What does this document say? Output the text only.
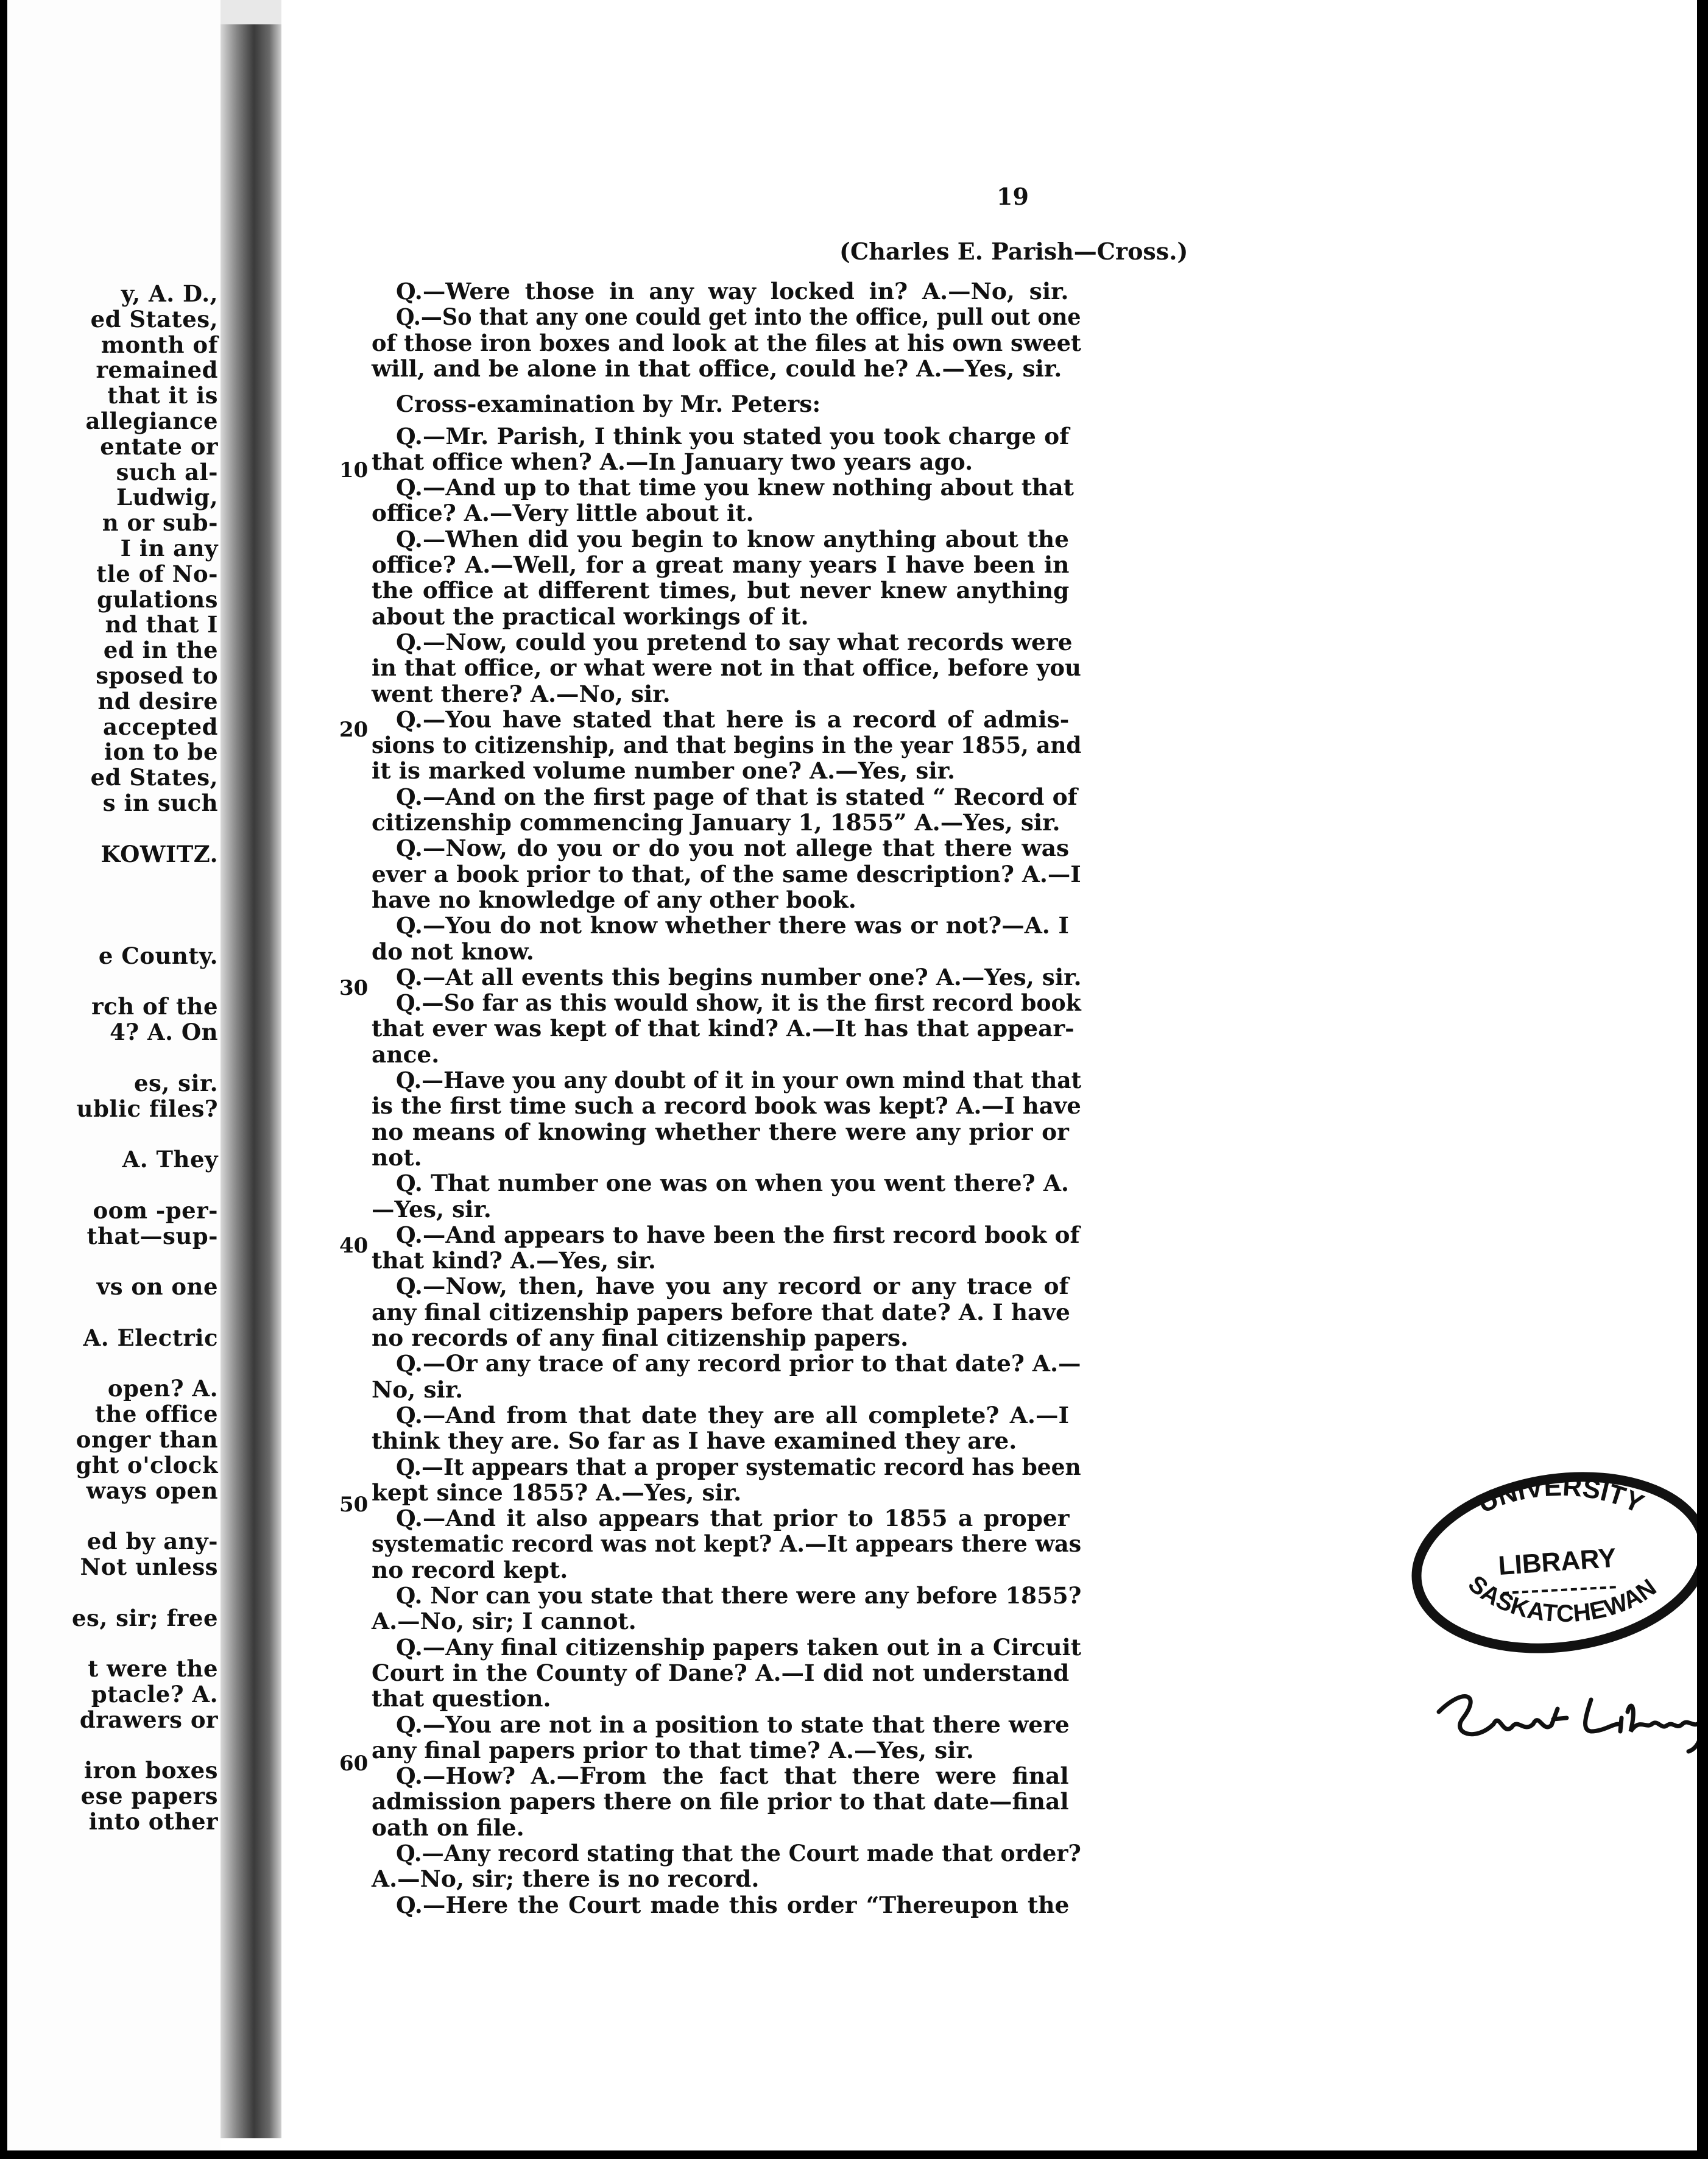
y, A. D.,
ed States,
month of
remained
that it is
allegiance
entate or
such al-
Ludwig,
n or sub-
I in any
tle of No-
gulations
nd that I
ed in the
sposed to
nd desire
accepted
ion to be
ed States,
s in such
KOWITZ.
e County.
rch of the
4? A. On
es, sir.
ublic files?
A. They
oom -per-
that—sup-
vs on one
A. Electric
open? A.
the office
onger than
ght o'clock
ways open
ed by any-
Not unless
es, sir; free
t were the
ptacle? A.
drawers or
iron boxes
ese papers
into other
19
(Charles E. Parish—Cross.)
Q.—Were those in any way locked in? A.—No, sir.
Q.—So that any one could get into the office, pull out one
of those iron boxes and look at the files at his own sweet
will, and be alone in that office, could he? A.—Yes, sir.
Cross-examination by Mr. Peters:
Q.—Mr. Parish, I think you stated you took charge of
that office when? A.—In January two years ago.
Q.—And up to that time you knew nothing about that
office? A.—Very little about it.
Q.—When did you begin to know anything about the
office? A.—Well, for a great many years I have been in
the office at different times, but never knew anything
about the practical workings of it.
Q.—Now, could you pretend to say what records were
in that office, or what were not in that office, before you
went there? A.—No, sir.
Q.—You have stated that here is a record of admis-
sions to citizenship, and that begins in the year 1855, and
it is marked volume number one? A.—Yes, sir.
Q.—And on the first page of that is stated “ Record of
citizenship commencing January 1, 1855” A.—Yes, sir.
Q.—Now, do you or do you not allege that there was
ever a book prior to that, of the same description? A.—I
have no knowledge of any other book.
Q.—You do not know whether there was or not?—A. I
do not know.
Q.—At all events this begins number one? A.—Yes, sir.
Q.—So far as this would show, it is the first record book
that ever was kept of that kind? A.—It has that appear-
ance.
Q.—Have you any doubt of it in your own mind that that
is the first time such a record book was kept? A.—I have
no means of knowing whether there were any prior or
not.
Q. That number one was on when you went there? A.
—Yes, sir.
Q.—And appears to have been the first record book of
that kind? A.—Yes, sir.
Q.—Now, then, have you any record or any trace of
any final citizenship papers before that date? A. I have
no records of any final citizenship papers.
Q.—Or any trace of any record prior to that date? A.—
No, sir.
Q.—And from that date they are all complete? A.—I
think they are. So far as I have examined they are.
Q.—It appears that a proper systematic record has been
kept since 1855? A.—Yes, sir.
Q.—And it also appears that prior to 1855 a proper
systematic record was not kept? A.—It appears there was
no record kept.
Q. Nor can you state that there were any before 1855?
A.—No, sir; I cannot.
Q.—Any final citizenship papers taken out in a Circuit
Court in the County of Dane? A.—I did not understand
that question.
Q.—You are not in a position to state that there were
any final papers prior to that time? A.—Yes, sir.
Q.—How? A.—From the fact that there were final
admission papers there on file prior to that date—final
oath on file.
Q.—Any record stating that the Court made that order?
A.—No, sir; there is no record.
Q.—Here the Court made this order “Thereupon the
10
20
30
40
50
60
UNIVERSITY
LIBRARY
SASKATCHEWAN
